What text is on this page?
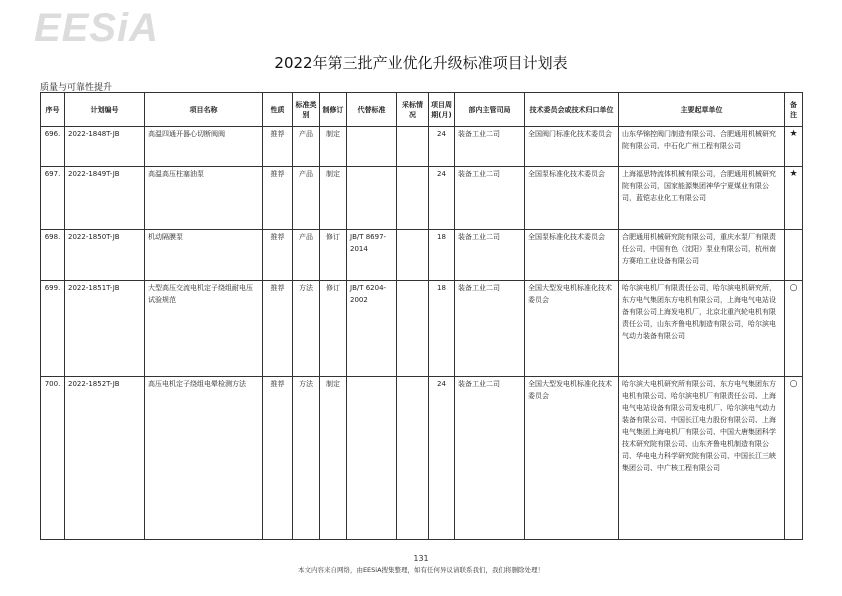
EESiA
2022年第三批产业优化升级标准项目计划表
质量与可靠性提升
序号	计划编号	项目名称	性质	标准类别	制修订	代替标准	采标情况	项目周期(月)	部内主管司局	技术委员会或技术归口单位	主要起草单位	备注
696.	2022-1848T-JB	高温四通开器心切断阀阀	推荐	产品	制定			24	装备工业二司	全国阀门标准化技术委员会	山东华锦控阀门制造有限公司、合肥通用机械研究院有限公司、中石化广州工程有限公司	★
697.	2022-1849T-JB	高温高压柱塞油泵	推荐	产品	制定			24	装备工业二司	全国泵标准化技术委员会	上海福思特流体机械有限公司，合肥通用机械研究院有限公司，国家能源集团神华宁夏煤业有限公司，蓝铠志业化工有限公司	★
698.	2022-1850T-JB	机动隔膜泵	推荐	产品	修订	JB/T 8697-2014		18	装备工业二司	全国泵标准化技术委员会	合肥通用机械研究院有限公司，重庆水泵厂有限责任公司，中国有色（沈阳）泵业有限公司，杭州南方赛珀工业设备有限公司	
699.	2022-1851T-JB	大型高压交流电机定子绕组耐电压试验规范	推荐	方法	修订	JB/T 6204-2002		18	装备工业二司	全国大型发电机标准化技术委员会	哈尔滨电机厂有限责任公司，哈尔滨电机研究所，东方电气集团东方电机有限公司，上海电气电站设备有限公司上海发电机厂，北京北重汽轮电机有限责任公司，山东齐鲁电机制造有限公司，哈尔滨电气动力装备有限公司	○
700.	2022-1852T-JB	高压电机定子绕组电晕检测方法	推荐	方法	制定			24	装备工业二司	全国大型发电机标准化技术委员会	哈尔滨大电机研究所有限公司、东方电气集团东方电机有限公司、哈尔滨电机厂有限责任公司、上海电气电站设备有限公司发电机厂、哈尔滨电气动力装备有限公司、中国长江电力股份有限公司、上海电气集团上海电机厂有限公司、中国大唐集团科学技术研究院有限公司、山东齐鲁电机制造有限公司、华电电力科学研究院有限公司、中国长江三峡集团公司、中广核工程有限公司	○
131
本文内容来自网络，由EESiA搜集整理，如有任何异议请联系我们，我们将删除处理！
